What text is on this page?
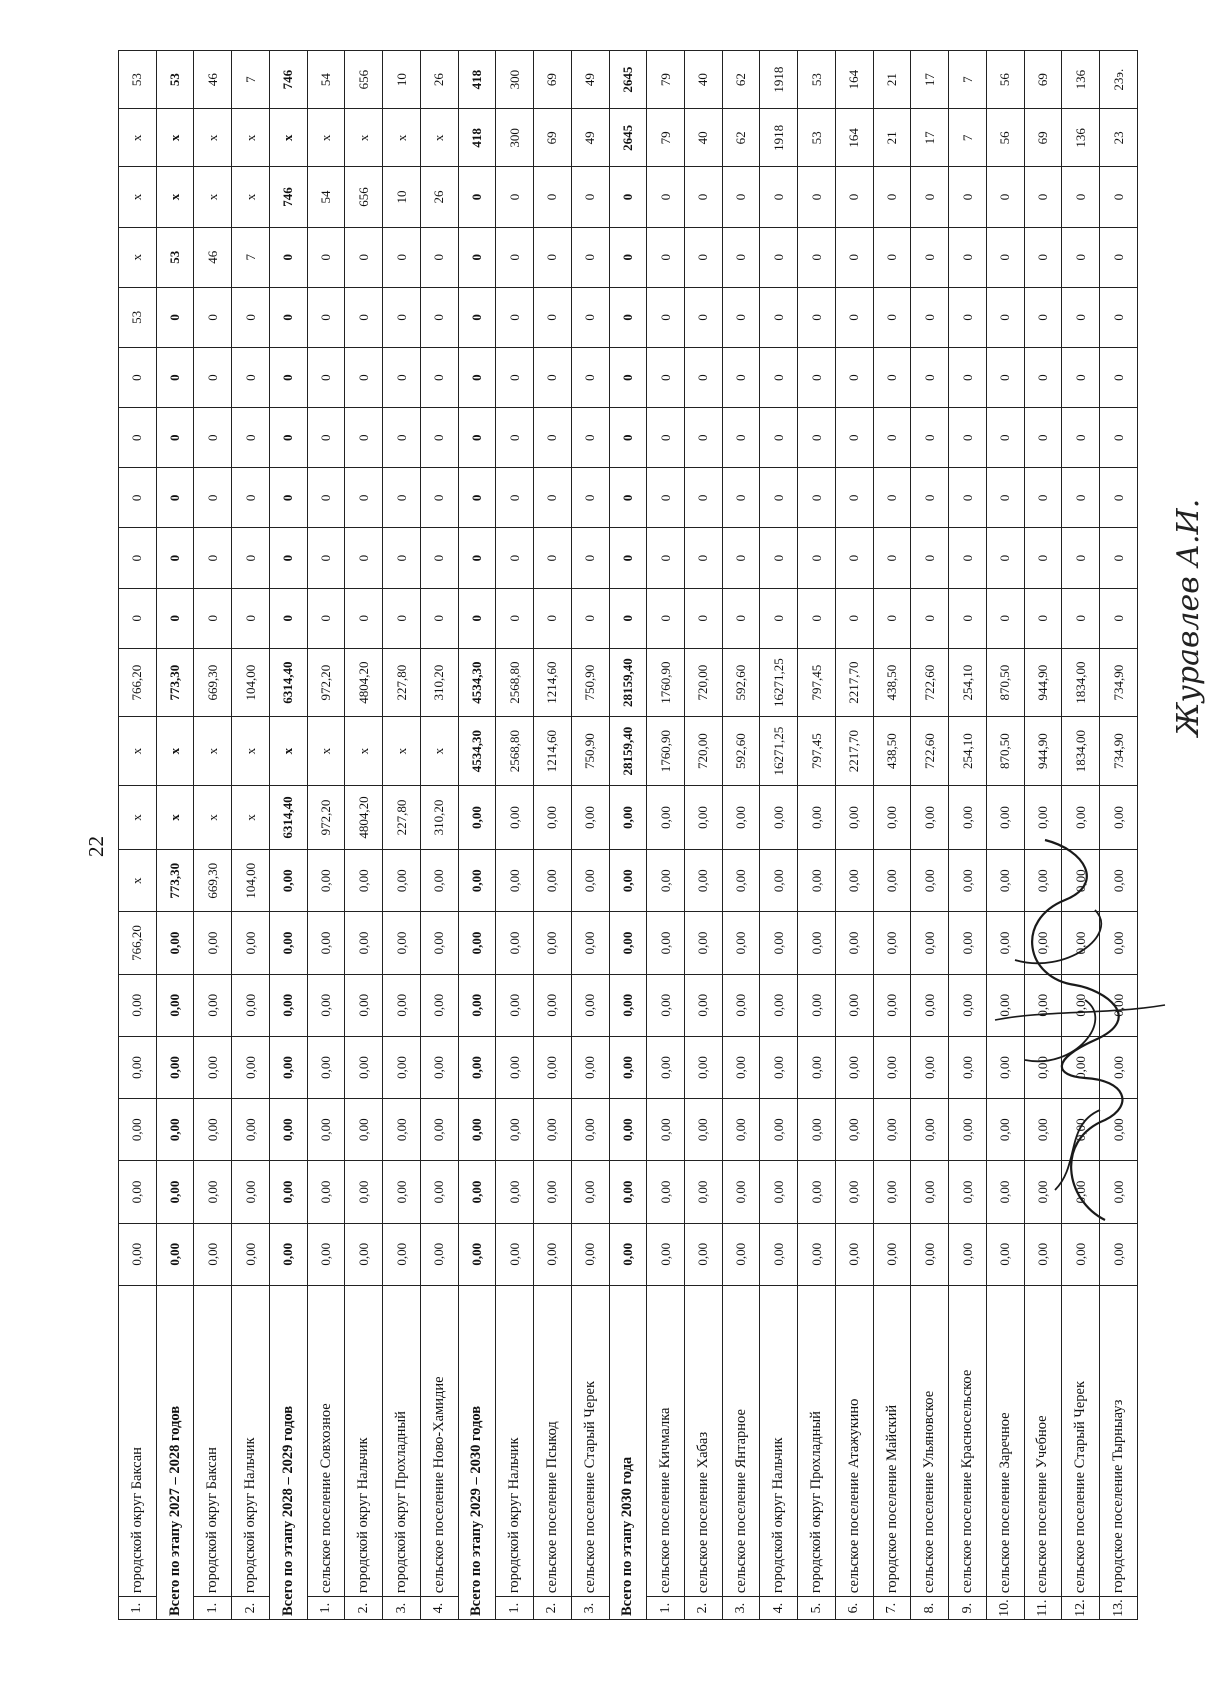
22
1.	городской округ Баксан	0,00	0,00	0,00	0,00	0,00	766,20	х	х	х	766,20	0	0	0	0	0	53	х	х	х	53
Всего по этапу 2027 – 2028 годов		0,00	0,00	0,00	0,00	0,00	0,00	773,30	х	х	773,30	0	0	0	0	0	0	53	х	х	53
1.	городской округ Баксан	0,00	0,00	0,00	0,00	0,00	0,00	669,30	х	х	669,30	0	0	0	0	0	0	46	х	х	46
2.	городской округ Нальчик	0,00	0,00	0,00	0,00	0,00	0,00	104,00	х	х	104,00	0	0	0	0	0	0	7	х	х	7
Всего по этапу 2028 – 2029 годов		0,00	0,00	0,00	0,00	0,00	0,00	0,00	6314,40	х	6314,40	0	0	0	0	0	0	0	746	х	746
1.	сельское поселение Совхозное	0,00	0,00	0,00	0,00	0,00	0,00	0,00	972,20	х	972,20	0	0	0	0	0	0	0	54	х	54
2.	городской округ Нальчик	0,00	0,00	0,00	0,00	0,00	0,00	0,00	4804,20	х	4804,20	0	0	0	0	0	0	0	656	х	656
3.	городской округ Прохладный	0,00	0,00	0,00	0,00	0,00	0,00	0,00	227,80	х	227,80	0	0	0	0	0	0	0	10	х	10
4.	сельское поселение Ново-Хамидие	0,00	0,00	0,00	0,00	0,00	0,00	0,00	310,20	х	310,20	0	0	0	0	0	0	0	26	х	26
Всего по этапу 2029 – 2030 годов		0,00	0,00	0,00	0,00	0,00	0,00	0,00	0,00	4534,30	4534,30	0	0	0	0	0	0	0	0	418	418
1.	городской округ Нальчик	0,00	0,00	0,00	0,00	0,00	0,00	0,00	0,00	2568,80	2568,80	0	0	0	0	0	0	0	0	300	300
2.	сельское поселение Псыкод	0,00	0,00	0,00	0,00	0,00	0,00	0,00	0,00	1214,60	1214,60	0	0	0	0	0	0	0	0	69	69
3.	сельское поселение Старый Черек	0,00	0,00	0,00	0,00	0,00	0,00	0,00	0,00	750,90	750,90	0	0	0	0	0	0	0	0	49	49
Всего по этапу 2030 года		0,00	0,00	0,00	0,00	0,00	0,00	0,00	0,00	28159,40	28159,40	0	0	0	0	0	0	0	0	2645	2645
1.	сельское поселение Кичмалка	0,00	0,00	0,00	0,00	0,00	0,00	0,00	0,00	1760,90	1760,90	0	0	0	0	0	0	0	0	79	79
2.	сельское поселение Хабаз	0,00	0,00	0,00	0,00	0,00	0,00	0,00	0,00	720,00	720,00	0	0	0	0	0	0	0	0	40	40
3.	сельское поселение Янтарное	0,00	0,00	0,00	0,00	0,00	0,00	0,00	0,00	592,60	592,60	0	0	0	0	0	0	0	0	62	62
4.	городской округ Нальчик	0,00	0,00	0,00	0,00	0,00	0,00	0,00	0,00	16271,25	16271,25	0	0	0	0	0	0	0	0	1918	1918
5.	городской округ Прохладный	0,00	0,00	0,00	0,00	0,00	0,00	0,00	0,00	797,45	797,45	0	0	0	0	0	0	0	0	53	53
6.	сельское поселение Атажукино	0,00	0,00	0,00	0,00	0,00	0,00	0,00	0,00	2217,70	2217,70	0	0	0	0	0	0	0	0	164	164
7.	городское поселение Майский	0,00	0,00	0,00	0,00	0,00	0,00	0,00	0,00	438,50	438,50	0	0	0	0	0	0	0	0	21	21
8.	сельское поселение Ульяновское	0,00	0,00	0,00	0,00	0,00	0,00	0,00	0,00	722,60	722,60	0	0	0	0	0	0	0	0	17	17
9.	сельское поселение Красносельское	0,00	0,00	0,00	0,00	0,00	0,00	0,00	0,00	254,10	254,10	0	0	0	0	0	0	0	0	7	7
10.	сельское поселение Заречное	0,00	0,00	0,00	0,00	0,00	0,00	0,00	0,00	870,50	870,50	0	0	0	0	0	0	0	0	56	56
11.	сельское поселение Учебное	0,00	0,00	0,00	0,00	0,00	0,00	0,00	0,00	944,90	944,90	0	0	0	0	0	0	0	0	69	69
12.	сельское поселение Старый Черек	0,00	0,00	0,00	0,00	0,00	0,00	0,00	0,00	1834,00	1834,00	0	0	0	0	0	0	0	0	136	136
13.	городское поселение Тырныауз	0,00	0,00	0,00	0,00	0,00	0,00	0,00	0,00	734,90	734,90	0	0	0	0	0	0	0	0	23	23э.
Журавлев А.И.
